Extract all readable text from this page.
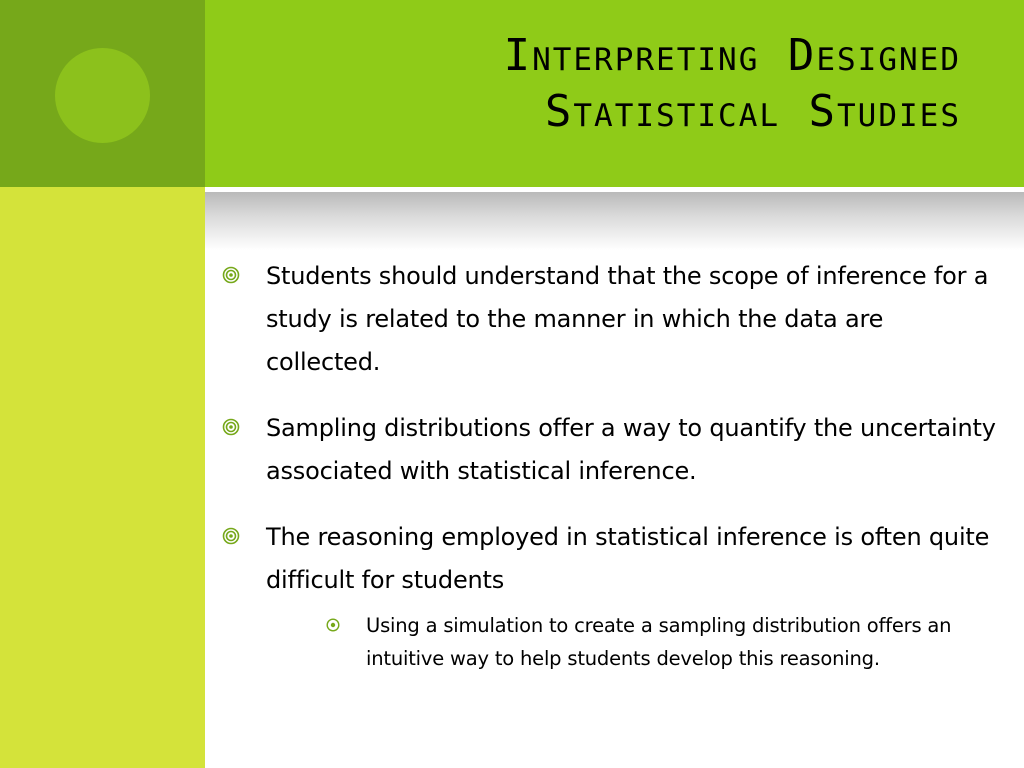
Interpreting Designed
Statistical Studies
Students should understand that the scope of inference for a study is related to the manner in which the data are collected.
Sampling distributions offer a way to quantify the uncertainty associated with statistical inference.
The reasoning employed in statistical inference is often quite difficult for students
Using a simulation to create a sampling distribution offers an intuitive way to help students develop this reasoning.
